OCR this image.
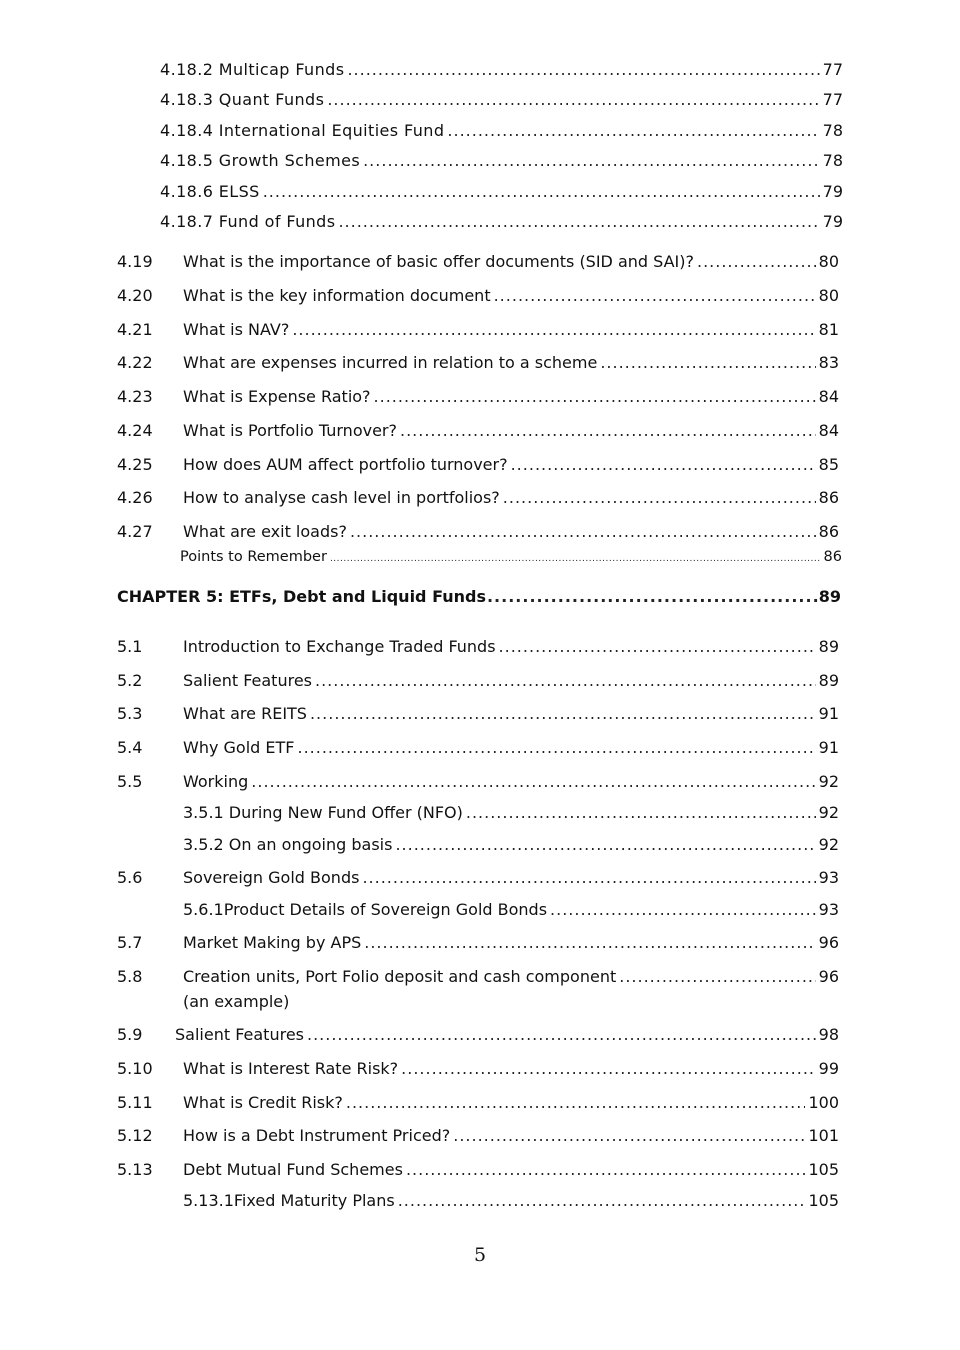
4.18.2 Multicap Funds .....	77
4.18.3 Quant Funds .....	77
4.18.4 International Equities Fund .....	78
4.18.5 Growth Schemes .....	78
4.18.6 ELSS .....	79
4.18.7 Fund of Funds .....	79
4.19	What is the importance of basic offer documents (SID and SAI)? .....	80
4.20	What is the key information document .....	80
4.21	What is NAV? .....	81
4.22	What are expenses incurred in relation to a scheme .....	83
4.23	What is Expense Ratio? .....	84
4.24	What is Portfolio Turnover? .....	84
4.25	How does AUM affect portfolio turnover? .....	85
4.26	How to analyse cash level in portfolios? .....	86
4.27	What are exit loads? .....	86
Points to Remember .....	86
CHAPTER 5: ETFs, Debt and Liquid Funds .....	89
5.1	Introduction to Exchange Traded Funds .....	89
5.2	Salient Features .....	89
5.3	What are REITS .....	91
5.4	Why Gold ETF .....	91
5.5	Working .....	92
3.5.1 During New Fund Offer (NFO) .....	92
3.5.2 On an ongoing basis .....	92
5.6	Sovereign Gold Bonds .....	93
5.6.1Product Details of Sovereign Gold Bonds .....	93
5.7	Market Making by APS .....	96
5.8	Creation units, Port Folio deposit and cash component .....	96
(an example)
5.9	Salient Features .....	98
5.10	What is Interest Rate Risk? .....	99
5.11	What is Credit Risk? .....	100
5.12	How is a Debt Instrument Priced? .....	101
5.13	Debt Mutual Fund Schemes .....	105
5.13.1Fixed Maturity Plans .....	105
5
